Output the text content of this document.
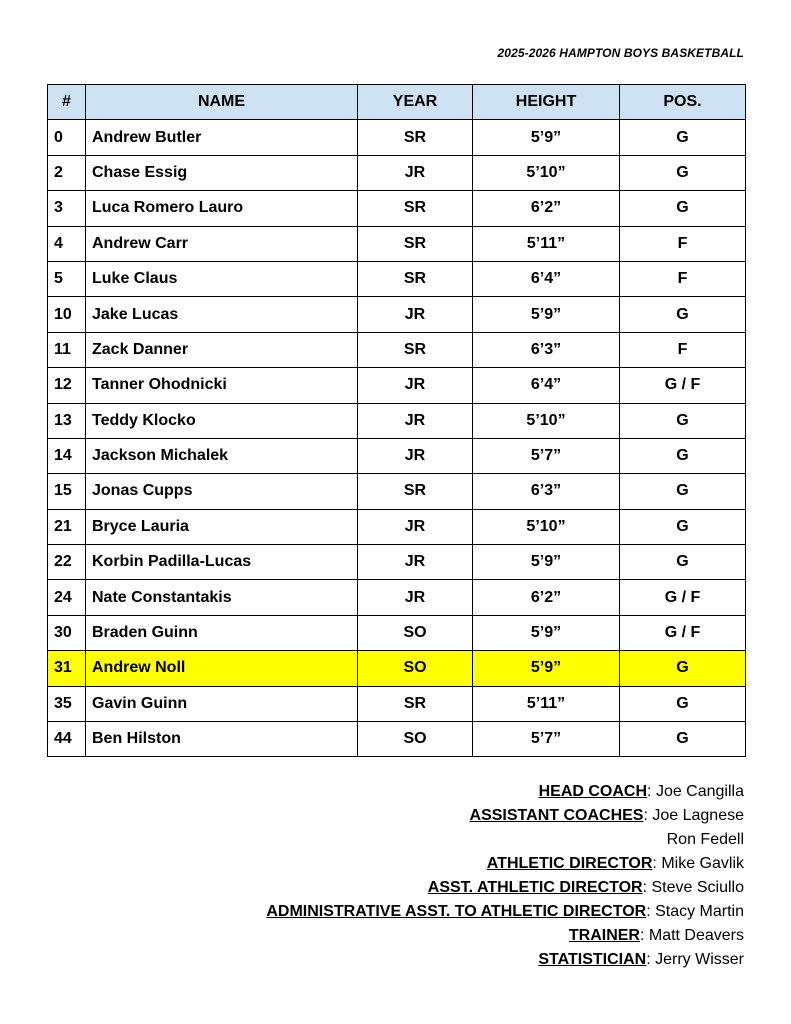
2025-2026 HAMPTON BOYS BASKETBALL
#	NAME	YEAR	HEIGHT	POS.
0	Andrew Butler	SR	5’9”	G
2	Chase Essig	JR	5’10”	G
3	Luca Romero Lauro	SR	6’2”	G
4	Andrew Carr	SR	5’11”	F
5	Luke Claus	SR	6’4”	F
10	Jake Lucas	JR	5’9”	G
11	Zack Danner	SR	6’3”	F
12	Tanner Ohodnicki	JR	6’4”	G / F
13	Teddy Klocko	JR	5’10”	G
14	Jackson Michalek	JR	5’7”	G
15	Jonas Cupps	SR	6’3”	G
21	Bryce Lauria	JR	5’10”	G
22	Korbin Padilla-Lucas	JR	5’9”	G
24	Nate Constantakis	JR	6’2”	G / F
30	Braden Guinn	SO	5’9”	G / F
31	Andrew Noll	SO	5’9”	G
35	Gavin Guinn	SR	5’11”	G
44	Ben Hilston	SO	5’7”	G
HEAD COACH: Joe Cangilla
ASSISTANT COACHES: Joe Lagnese
Ron Fedell
ATHLETIC DIRECTOR: Mike Gavlik
ASST. ATHLETIC DIRECTOR: Steve Sciullo
ADMINISTRATIVE ASST. TO ATHLETIC DIRECTOR: Stacy Martin
TRAINER: Matt Deavers
STATISTICIAN: Jerry Wisser
